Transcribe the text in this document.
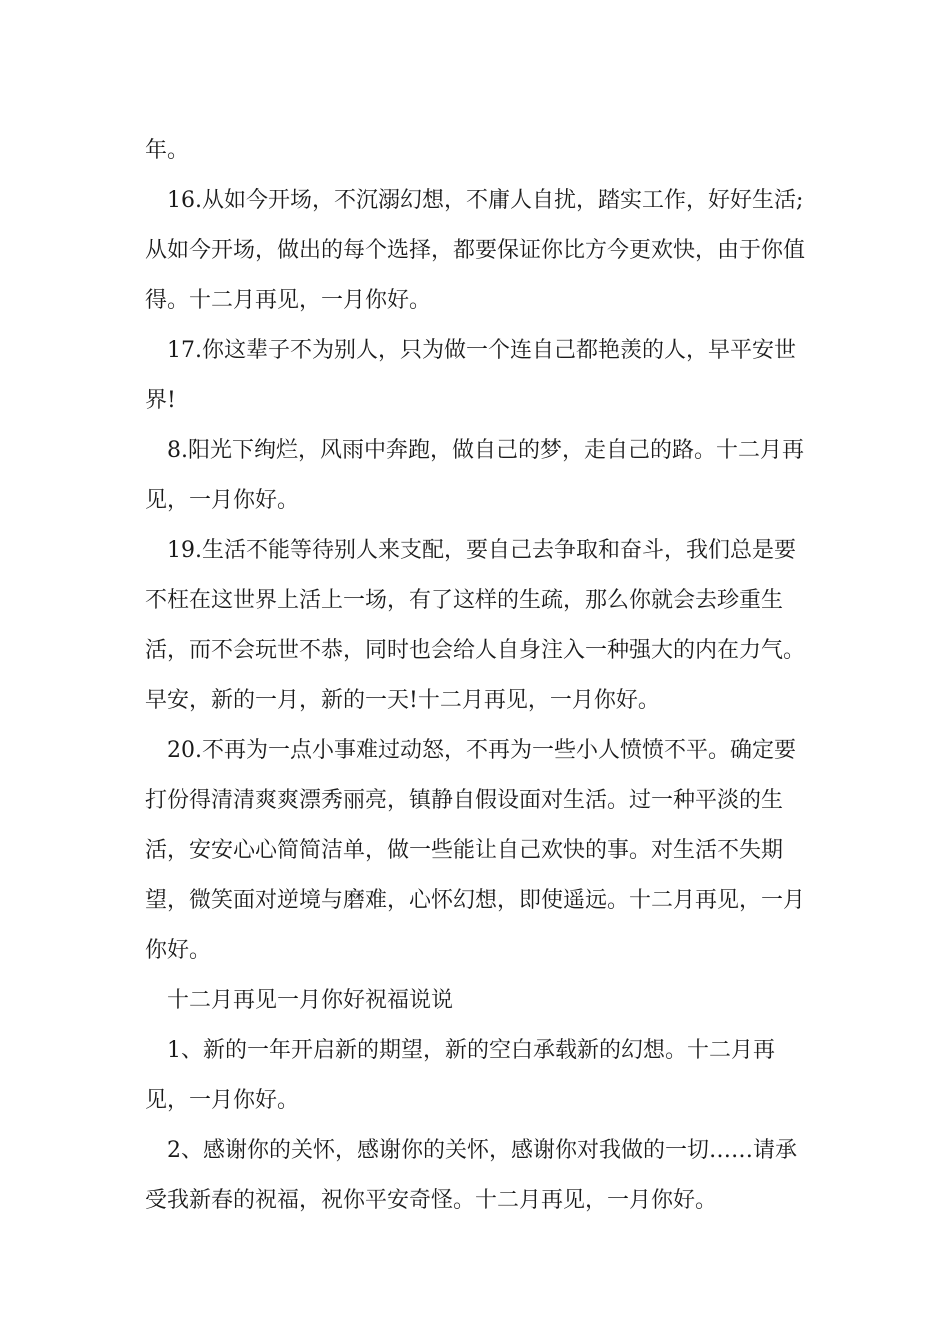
年。

16.从如今开场，不沉溺幻想，不庸人自扰，踏实工作，好好生活;从如今开场，做出的每个选择，都要保证你比方今更欢快，由于你值得。十二月再见，一月你好。

17.你这辈子不为别人，只为做一个连自己都艳羡的人，早平安世界!

8.阳光下绚烂，风雨中奔跑，做自己的梦，走自己的路。十二月再见，一月你好。

19.生活不能等待别人来支配，要自己去争取和奋斗，我们总是要不枉在这世界上活上一场，有了这样的生疏，那么你就会去珍重生活，而不会玩世不恭，同时也会给人自身注入一种强大的内在力气。早安，新的一月，新的一天!十二月再见，一月你好。

20.不再为一点小事难过动怒，不再为一些小人愤愤不平。确定要打份得清清爽爽漂秀丽亮，镇静自假设面对生活。过一种平淡的生活，安安心心简简洁单，做一些能让自己欢快的事。对生活不失期望，微笑面对逆境与磨难，心怀幻想，即使遥远。十二月再见，一月你好。

十二月再见一月你好祝福说说

1、新的一年开启新的期望，新的空白承载新的幻想。十二月再见，一月你好。

2、感谢你的关怀，感谢你的关怀，感谢你对我做的一切……请承受我新春的祝福，祝你平安奇怪。十二月再见，一月你好。
